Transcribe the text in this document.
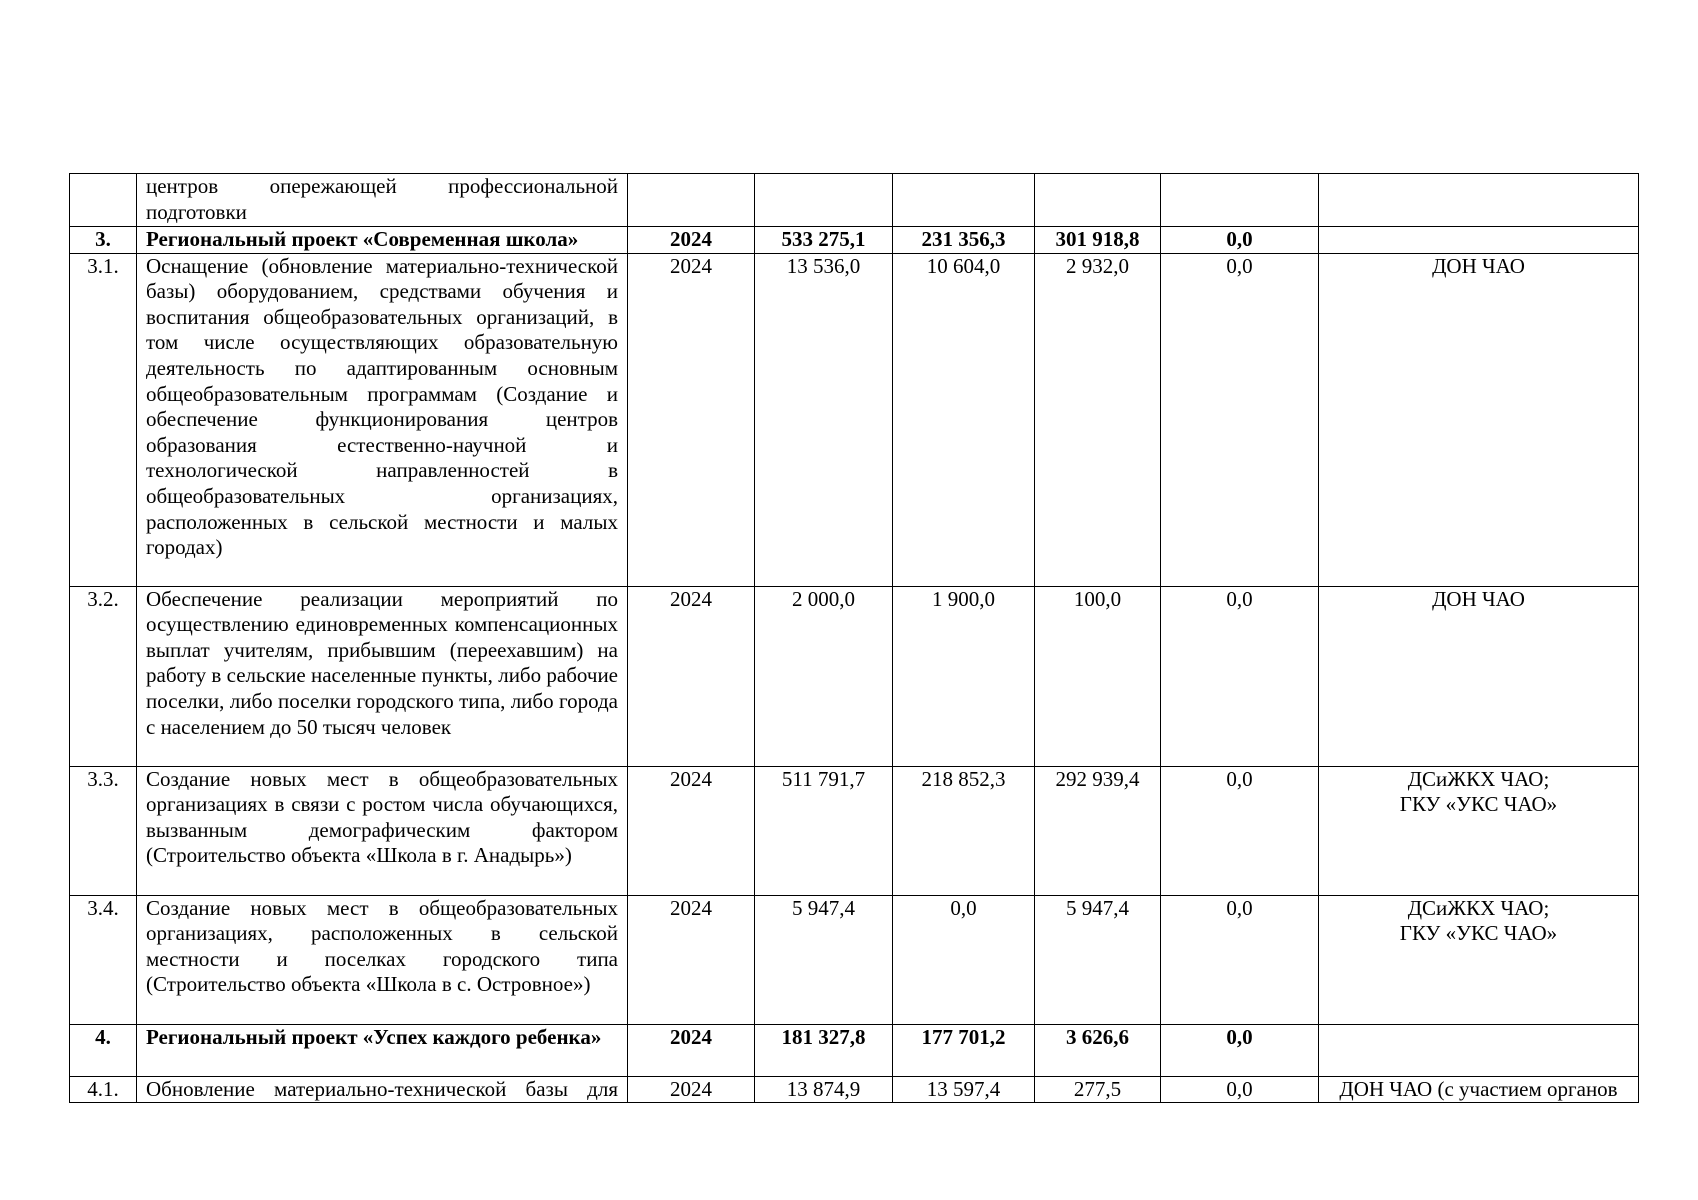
	центров опережающей профессиональной подготовки						
3.	Региональный проект «Современная школа»	2024	533 275,1	231 356,3	301 918,8	0,0	
3.1.	Оснащение (обновление материально-технической базы) оборудованием, средствами обучения и воспитания общеобразовательных организаций, в том числе осуществляющих образовательную деятельность по адаптированным основным общеобразовательным программам (Создание и обеспечение функционирования центров образования естественно-научной и технологической направленностей в общеобразовательных организациях, расположенных в сельской местности и малых городах)	2024	13 536,0	10 604,0	2 932,0	0,0	ДОН ЧАО
3.2.	Обеспечение реализации мероприятий по осуществлению единовременных компенсационных выплат учителям, прибывшим (переехавшим) на работу в сельские населенные пункты, либо рабочие поселки, либо поселки городского типа, либо города с населением до 50 тысяч человек	2024	2 000,0	1 900,0	100,0	0,0	ДОН ЧАО
3.3.	Создание новых мест в общеобразовательных организациях в связи с ростом числа обучающихся, вызванным демографическим фактором (Строительство объекта «Школа в г. Анадырь»)	2024	511 791,7	218 852,3	292 939,4	0,0	ДСиЖКХ ЧАО;
ГКУ «УКС ЧАО»
3.4.	Создание новых мест в общеобразовательных организациях, расположенных в сельской местности и поселках городского типа (Строительство объекта «Школа в с. Островное»)	2024	5 947,4	0,0	5 947,4	0,0	ДСиЖКХ ЧАО;
ГКУ «УКС ЧАО»
4.	Региональный проект «Успех каждого ребенка»	2024	181 327,8	177 701,2	3 626,6	0,0	
4.1.	Обновление материально-технической базы для	2024	13 874,9	13 597,4	277,5	0,0	ДОН ЧАО (с участием органов
